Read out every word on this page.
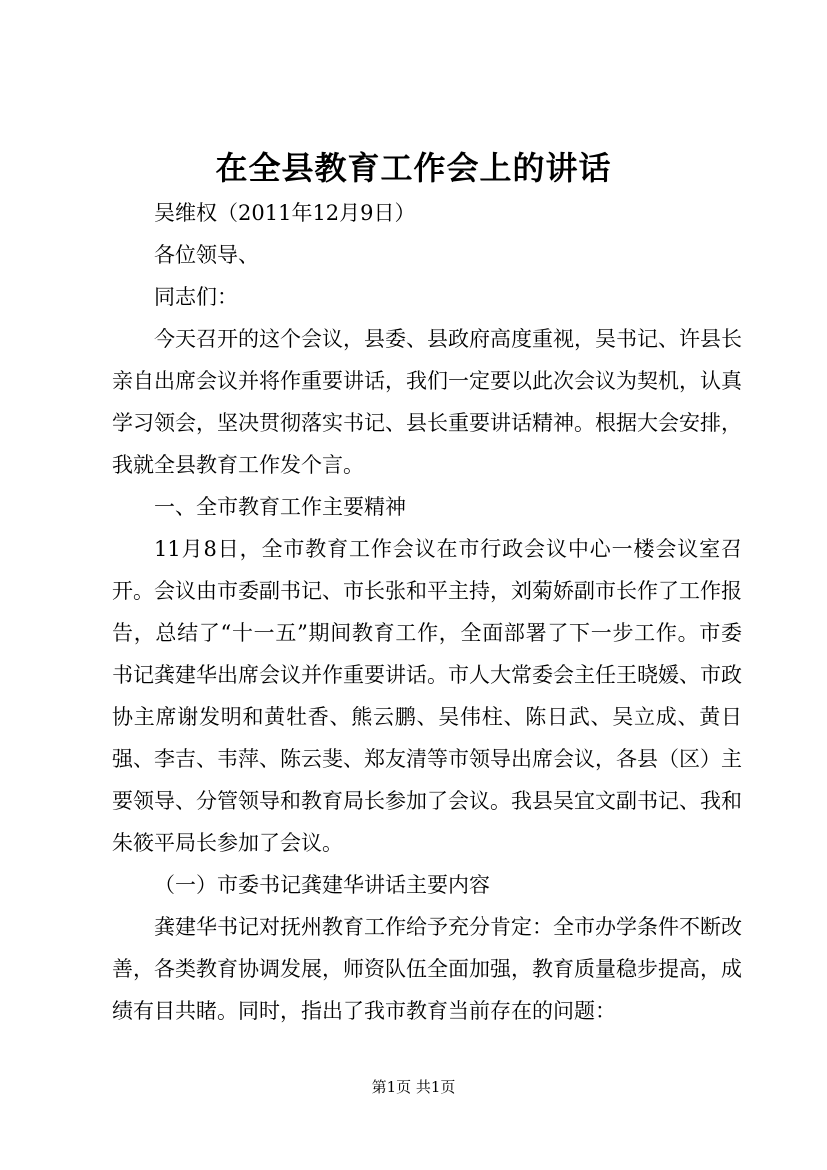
在全县教育工作会上的讲话

吴维权（2011年12月9日）

各位领导、

同志们：

今天召开的这个会议，县委、县政府高度重视，吴书记、许县长亲自出席会议并将作重要讲话，我们一定要以此次会议为契机，认真学习领会，坚决贯彻落实书记、县长重要讲话精神。根据大会安排，我就全县教育工作发个言。

一、全市教育工作主要精神

11月8日，全市教育工作会议在市行政会议中心一楼会议室召开。会议由市委副书记、市长张和平主持，刘菊娇副市长作了工作报告，总结了“十一五”期间教育工作，全面部署了下一步工作。市委书记龚建华出席会议并作重要讲话。市人大常委会主任王晓媛、市政协主席谢发明和黄牡香、熊云鹏、吴伟柱、陈日武、吴立成、黄日强、李吉、韦萍、陈云斐、郑友清等市领导出席会议，各县（区）主要领导、分管领导和教育局长参加了会议。我县吴宜文副书记、我和朱筱平局长参加了会议。

（一）市委书记龚建华讲话主要内容

龚建华书记对抚州教育工作给予充分肯定：全市办学条件不断改善，各类教育协调发展，师资队伍全面加强，教育质量稳步提高，成绩有目共睹。同时，指出了我市教育当前存在的问题：

第1页 共1页
